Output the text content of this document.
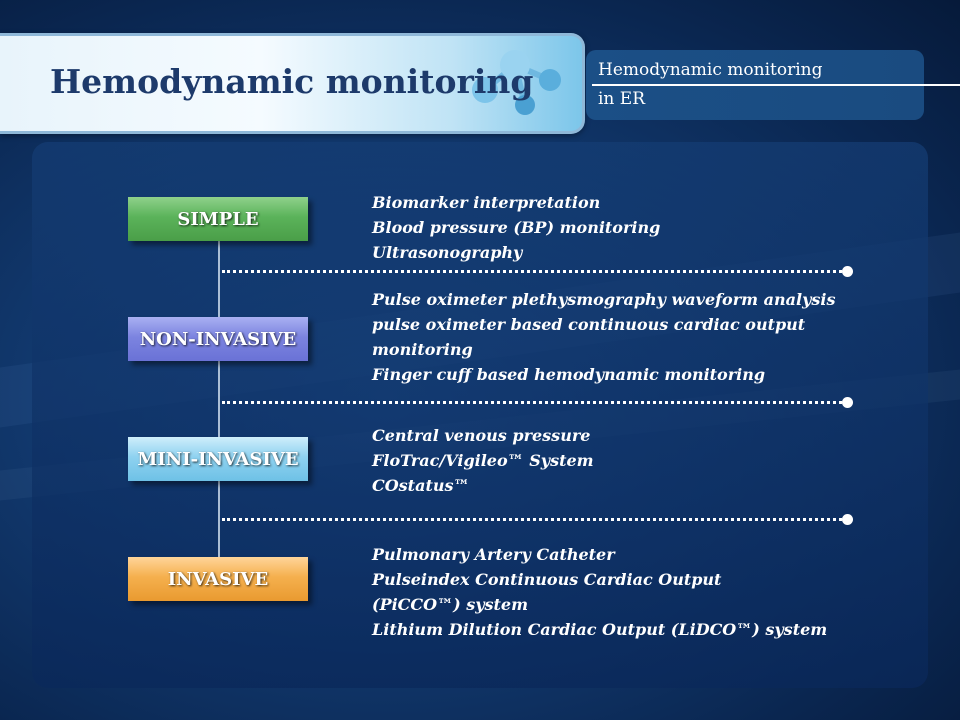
Hemodynamic monitoring	Hemodynamic monitoring
in ER
SIMPLE
NON-INVASIVE
MINI-INVASIVE
INVASIVE
Biomarker interpretation
Blood pressure (BP) monitoring
Ultrasonography
Pulse oximeter plethysmography waveform analysis
pulse oximeter based continuous cardiac output
monitoring
Finger cuff based hemodynamic monitoring
Central venous pressure
FloTrac/Vigileo™ System
COstatus™
Pulmonary Artery Catheter
Pulseindex Continuous Cardiac Output
(PiCCO™) system
Lithium Dilution Cardiac Output (LiDCO™) system
